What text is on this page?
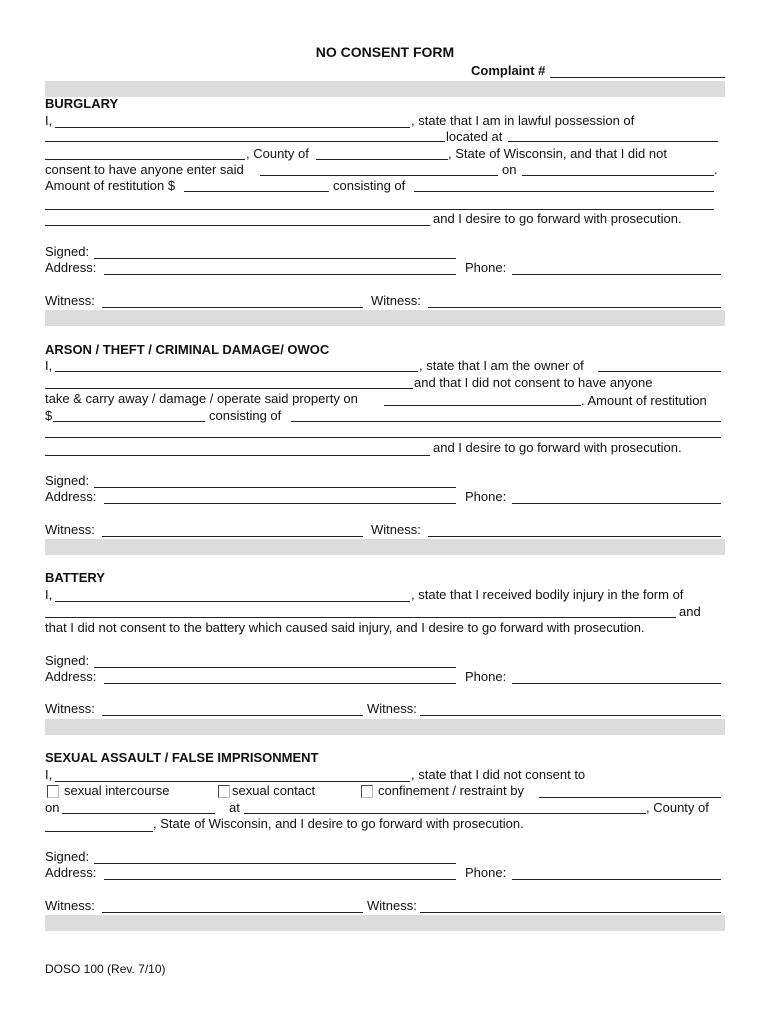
NO CONSENT FORM
Complaint #
BURGLARY
I,	, state that I am in lawful possession of
located at
, County of	, State of Wisconsin, and that I did not
consent to have anyone enter said	on	.
Amount of restitution $	consisting of
and I desire to go forward with prosecution.
Signed:
Address:	Phone:
Witness:	Witness:
ARSON / THEFT / CRIMINAL DAMAGE/ OWOC
I,	, state that I am the owner of
and that I did not consent to have anyone
take & carry away / damage / operate said property on	. Amount of restitution
$	consisting of
and I desire to go forward with prosecution.
Signed:
Address:	Phone:
Witness:	Witness:
BATTERY
I,	, state that I received bodily injury in the form of
and
that I did not consent to the battery which caused said injury, and I desire to go forward with prosecution.
Signed:
Address:	Phone:
Witness:	Witness:
SEXUAL ASSAULT / FALSE IMPRISONMENT
I,	, state that I did not consent to
sexual intercourse	sexual contact	confinement / restraint by
on	at	, County of
, State of Wisconsin, and I desire to go forward with prosecution.
Signed:
Address:	Phone:
Witness:	Witness:
DOSO 100 (Rev. 7/10)
